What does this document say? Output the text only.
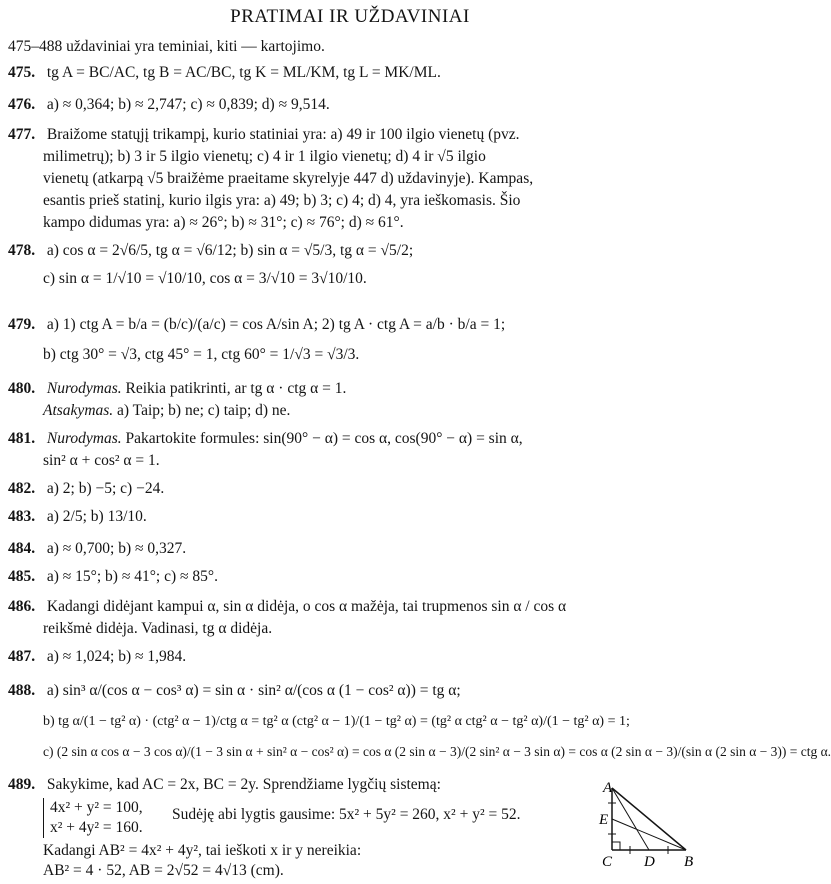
PRATIMAI IR UŽDAVINIAI
475–488 uždaviniai yra teminiai, kiti — kartojimo.
475. tg A = BC/AC, tg B = AC/BC, tg K = ML/KM, tg L = MK/ML.
476. a) ≈ 0,364; b) ≈ 2,747; c) ≈ 0,839; d) ≈ 9,514.
477. Braižome statųjį trikampį, kurio statiniai yra: a) 49 ir 100 ilgio vienetų (pvz.
milimetrų); b) 3 ir 5 ilgio vienetų; c) 4 ir 1 ilgio vienetų; d) 4 ir √5 ilgio
vienetų (atkarpą √5 braižėme praeitame skyrelyje 447 d) uždavinyje). Kampas,
esantis prieš statinį, kurio ilgis yra: a) 49; b) 3; c) 4; d) 4, yra ieškomasis. Šio
kampo didumas yra: a) ≈ 26°; b) ≈ 31°; c) ≈ 76°; d) ≈ 61°.
478. a) cos α = 2√6/5, tg α = √6/12; b) sin α = √5/3, tg α = √5/2;
c) sin α = 1/√10 = √10/10, cos α = 3/√10 = 3√10/10.
479. a) 1) ctg A = b/a = (b/c)/(a/c) = cos A/sin A; 2) tg A · ctg A = a/b · b/a = 1;
b) ctg 30° = √3, ctg 45° = 1, ctg 60° = 1/√3 = √3/3.
480. Nurodymas. Reikia patikrinti, ar tg α · ctg α = 1.
Atsakymas. a) Taip; b) ne; c) taip; d) ne.
481. Nurodymas. Pakartokite formules: sin(90° − α) = cos α, cos(90° − α) = sin α,
sin² α + cos² α = 1.
482. a) 2; b) −5; c) −24.
483. a) 2/5; b) 13/10.
484. a) ≈ 0,700; b) ≈ 0,327.
485. a) ≈ 15°; b) ≈ 41°; c) ≈ 85°.
486. Kadangi didėjant kampui α, sin α didėja, o cos α mažėja, tai trupmenos sin α / cos α
reikšmė didėja. Vadinasi, tg α didėja.
487. a) ≈ 1,024; b) ≈ 1,984.
488. a) sin³ α/(cos α − cos³ α) = sin α · sin² α/(cos α (1 − cos² α)) = tg α;
b) tg α/(1 − tg² α) · (ctg² α − 1)/ctg α = tg² α (ctg² α − 1)/(1 − tg² α) = (tg² α ctg² α − tg² α)/(1 − tg² α) = 1;
c) (2 sin α cos α − 3 cos α)/(1 − 3 sin α + sin² α − cos² α) = cos α (2 sin α − 3)/(2 sin² α − 3 sin α) = cos α (2 sin α − 3)/(sin α (2 sin α − 3)) = ctg α.
489. Sakykime, kad AC = 2x, BC = 2y. Sprendžiame lygčių sistemą:
4x² + y² = 100,
x² + 4y² = 160.
Sudėję abi lygtis gausime: 5x² + 5y² = 260, x² + y² = 52.
Kadangi AB² = 4x² + 4y², tai ieškoti x ir y nereikia:
AB² = 4 · 52, AB = 2√52 = 4√13 (cm).
A
E
C D B
